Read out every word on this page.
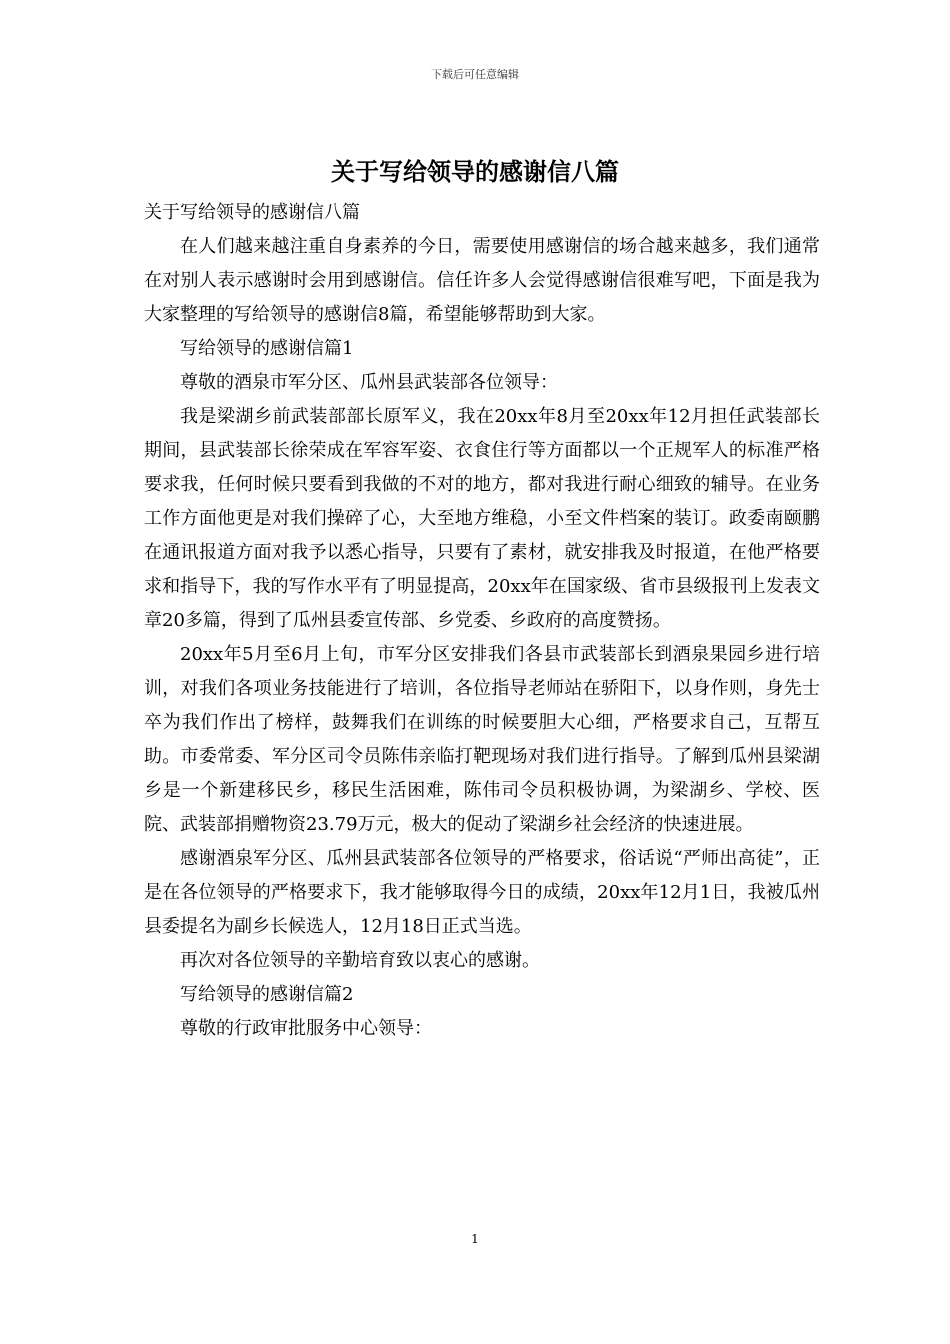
下载后可任意编辑
关于写给领导的感谢信八篇

关于写给领导的感谢信八篇

在人们越来越注重自身素养的今日，需要使用感谢信的场合越来越多，我们通常在对别人表示感谢时会用到感谢信。信任许多人会觉得感谢信很难写吧，下面是我为大家整理的写给领导的感谢信8篇，希望能够帮助到大家。

写给领导的感谢信篇1

尊敬的酒泉市军分区、瓜州县武装部各位领导：

我是梁湖乡前武装部部长原军义，我在20xx年8月至20xx年12月担任武装部长期间，县武装部长徐荣成在军容军姿、衣食住行等方面都以一个正规军人的标准严格要求我，任何时候只要看到我做的不对的地方，都对我进行耐心细致的辅导。在业务工作方面他更是对我们操碎了心，大至地方维稳，小至文件档案的装订。政委南颐鹏在通讯报道方面对我予以悉心指导，只要有了素材，就安排我及时报道，在他严格要求和指导下，我的写作水平有了明显提高，20xx年在国家级、省市县级报刊上发表文章20多篇，得到了瓜州县委宣传部、乡党委、乡政府的高度赞扬。

20xx年5月至6月上旬，市军分区安排我们各县市武装部长到酒泉果园乡进行培训，对我们各项业务技能进行了培训，各位指导老师站在骄阳下，以身作则，身先士卒为我们作出了榜样，鼓舞我们在训练的时候要胆大心细，严格要求自己，互帮互助。市委常委、军分区司令员陈伟亲临打靶现场对我们进行指导。了解到瓜州县梁湖乡是一个新建移民乡，移民生活困难，陈伟司令员积极协调，为梁湖乡、学校、医院、武装部捐赠物资23.79万元，极大的促动了梁湖乡社会经济的快速进展。

感谢酒泉军分区、瓜州县武装部各位领导的严格要求，俗话说“严师出高徒”，正是在各位领导的严格要求下，我才能够取得今日的成绩，20xx年12月1日，我被瓜州县委提名为副乡长候选人，12月18日正式当选。

再次对各位领导的辛勤培育致以衷心的感谢。

写给领导的感谢信篇2

尊敬的行政审批服务中心领导：

1
